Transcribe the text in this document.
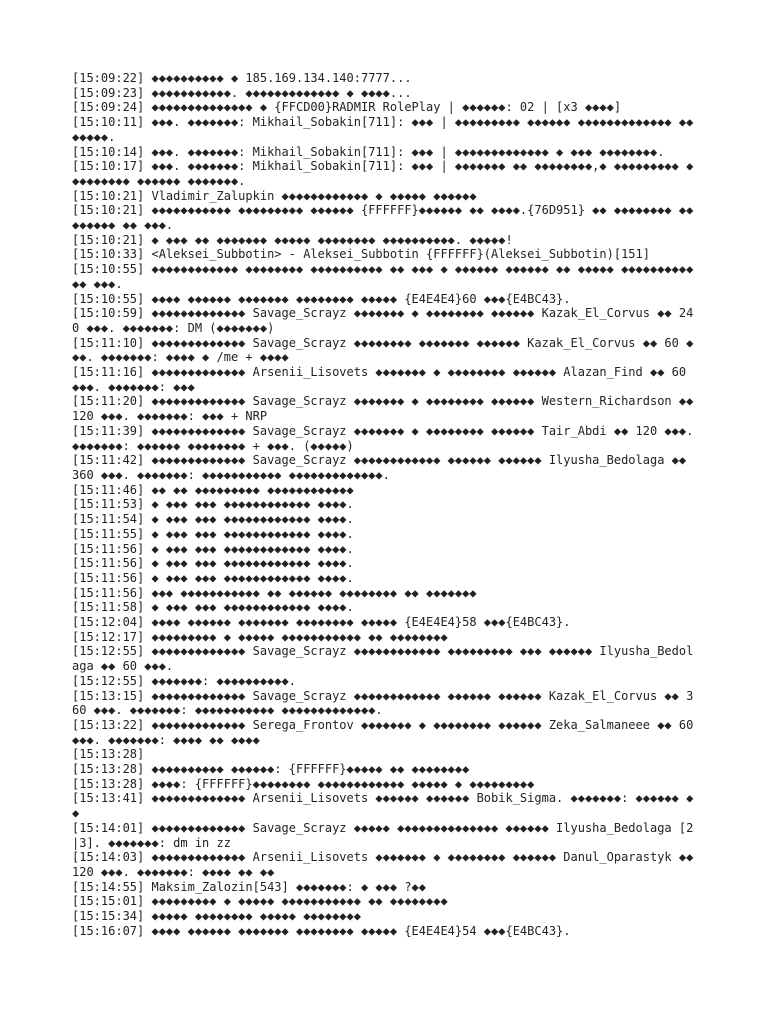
[15:09:22] ◆◆◆◆◆◆◆◆◆◆ ◆ 185.169.134.140:7777...
[15:09:23] ◆◆◆◆◆◆◆◆◆◆◆. ◆◆◆◆◆◆◆◆◆◆◆◆◆ ◆ ◆◆◆◆...
[15:09:24] ◆◆◆◆◆◆◆◆◆◆◆◆◆◆ ◆ {FFCD00}RADMIR RolePlay | ◆◆◆◆◆◆: 02 | [x3 ◆◆◆◆]
[15:10:11] ◆◆◆. ◆◆◆◆◆◆◆: Mikhail_Sobakin[711]: ◆◆◆ | ◆◆◆◆◆◆◆◆◆ ◆◆◆◆◆◆ ◆◆◆◆◆◆◆◆◆◆◆◆◆ ◆◆◆◆◆◆◆.
[15:10:14] ◆◆◆. ◆◆◆◆◆◆◆: Mikhail_Sobakin[711]: ◆◆◆ | ◆◆◆◆◆◆◆◆◆◆◆◆◆ ◆ ◆◆◆ ◆◆◆◆◆◆◆◆.
[15:10:17] ◆◆◆. ◆◆◆◆◆◆◆: Mikhail_Sobakin[711]: ◆◆◆ | ◆◆◆◆◆◆◆ ◆◆ ◆◆◆◆◆◆◆◆,◆ ◆◆◆◆◆◆◆◆◆ ◆◆◆◆◆◆◆◆◆ ◆◆◆◆◆◆ ◆◆◆◆◆◆◆.
[15:10:21] Vladimir_Zalupkin ◆◆◆◆◆◆◆◆◆◆◆◆ ◆ ◆◆◆◆◆ ◆◆◆◆◆◆
[15:10:21] ◆◆◆◆◆◆◆◆◆◆◆ ◆◆◆◆◆◆◆◆◆ ◆◆◆◆◆◆ {FFFFFF}◆◆◆◆◆◆ ◆◆ ◆◆◆◆.{76D951} ◆◆ ◆◆◆◆◆◆◆◆ ◆◆◆◆◆◆◆◆ ◆◆ ◆◆◆.
[15:10:21] ◆ ◆◆◆ ◆◆ ◆◆◆◆◆◆◆ ◆◆◆◆◆ ◆◆◆◆◆◆◆◆ ◆◆◆◆◆◆◆◆◆◆. ◆◆◆◆◆!
[15:10:33] <Aleksei_Subbotin> - Aleksei_Subbotin {FFFFFF}(Aleksei_Subbotin)[151]
[15:10:55] ◆◆◆◆◆◆◆◆◆◆◆◆ ◆◆◆◆◆◆◆◆ ◆◆◆◆◆◆◆◆◆◆ ◆◆ ◆◆◆ ◆ ◆◆◆◆◆◆ ◆◆◆◆◆◆ ◆◆ ◆◆◆◆◆ ◆◆◆◆◆◆◆◆◆◆◆◆ ◆◆◆.
[15:10:55] ◆◆◆◆ ◆◆◆◆◆◆ ◆◆◆◆◆◆◆ ◆◆◆◆◆◆◆◆ ◆◆◆◆◆ {E4E4E4}60 ◆◆◆{E4BC43}.
[15:10:59] ◆◆◆◆◆◆◆◆◆◆◆◆◆ Savage_Scrayz ◆◆◆◆◆◆◆ ◆ ◆◆◆◆◆◆◆◆ ◆◆◆◆◆◆ Kazak_El_Corvus ◆◆ 240 ◆◆◆. ◆◆◆◆◆◆◆: DM (◆◆◆◆◆◆◆)
[15:11:10] ◆◆◆◆◆◆◆◆◆◆◆◆◆ Savage_Scrayz ◆◆◆◆◆◆◆◆ ◆◆◆◆◆◆◆ ◆◆◆◆◆◆ Kazak_El_Corvus ◆◆ 60 ◆◆◆. ◆◆◆◆◆◆◆: ◆◆◆◆ ◆ /me + ◆◆◆◆
[15:11:16] ◆◆◆◆◆◆◆◆◆◆◆◆◆ Arsenii_Lisovets ◆◆◆◆◆◆◆ ◆ ◆◆◆◆◆◆◆◆ ◆◆◆◆◆◆ Alazan_Find ◆◆ 60 ◆◆◆. ◆◆◆◆◆◆◆: ◆◆◆
[15:11:20] ◆◆◆◆◆◆◆◆◆◆◆◆◆ Savage_Scrayz ◆◆◆◆◆◆◆ ◆ ◆◆◆◆◆◆◆◆ ◆◆◆◆◆◆ Western_Richardson ◆◆ 120 ◆◆◆. ◆◆◆◆◆◆◆: ◆◆◆ + NRP
[15:11:39] ◆◆◆◆◆◆◆◆◆◆◆◆◆ Savage_Scrayz ◆◆◆◆◆◆◆ ◆ ◆◆◆◆◆◆◆◆ ◆◆◆◆◆◆ Tair_Abdi ◆◆ 120 ◆◆◆. ◆◆◆◆◆◆◆: ◆◆◆◆◆◆ ◆◆◆◆◆◆◆◆ + ◆◆◆. (◆◆◆◆◆)
[15:11:42] ◆◆◆◆◆◆◆◆◆◆◆◆◆ Savage_Scrayz ◆◆◆◆◆◆◆◆◆◆◆◆ ◆◆◆◆◆◆ ◆◆◆◆◆◆ Ilyusha_Bedolaga ◆◆ 360 ◆◆◆. ◆◆◆◆◆◆◆: ◆◆◆◆◆◆◆◆◆◆◆ ◆◆◆◆◆◆◆◆◆◆◆◆◆.
[15:11:46] ◆◆ ◆◆ ◆◆◆◆◆◆◆◆◆ ◆◆◆◆◆◆◆◆◆◆◆◆
[15:11:53] ◆ ◆◆◆ ◆◆◆ ◆◆◆◆◆◆◆◆◆◆◆◆ ◆◆◆◆.
[15:11:54] ◆ ◆◆◆ ◆◆◆ ◆◆◆◆◆◆◆◆◆◆◆◆ ◆◆◆◆.
[15:11:55] ◆ ◆◆◆ ◆◆◆ ◆◆◆◆◆◆◆◆◆◆◆◆ ◆◆◆◆.
[15:11:56] ◆ ◆◆◆ ◆◆◆ ◆◆◆◆◆◆◆◆◆◆◆◆ ◆◆◆◆.
[15:11:56] ◆ ◆◆◆ ◆◆◆ ◆◆◆◆◆◆◆◆◆◆◆◆ ◆◆◆◆.
[15:11:56] ◆ ◆◆◆ ◆◆◆ ◆◆◆◆◆◆◆◆◆◆◆◆ ◆◆◆◆.
[15:11:56] ◆◆◆ ◆◆◆◆◆◆◆◆◆◆◆ ◆◆ ◆◆◆◆◆◆ ◆◆◆◆◆◆◆◆ ◆◆ ◆◆◆◆◆◆◆
[15:11:58] ◆ ◆◆◆ ◆◆◆ ◆◆◆◆◆◆◆◆◆◆◆◆ ◆◆◆◆.
[15:12:04] ◆◆◆◆ ◆◆◆◆◆◆ ◆◆◆◆◆◆◆ ◆◆◆◆◆◆◆◆ ◆◆◆◆◆ {E4E4E4}58 ◆◆◆{E4BC43}.
[15:12:17] ◆◆◆◆◆◆◆◆◆ ◆ ◆◆◆◆◆ ◆◆◆◆◆◆◆◆◆◆◆ ◆◆ ◆◆◆◆◆◆◆◆
[15:12:55] ◆◆◆◆◆◆◆◆◆◆◆◆◆ Savage_Scrayz ◆◆◆◆◆◆◆◆◆◆◆◆ ◆◆◆◆◆◆◆◆◆ ◆◆◆ ◆◆◆◆◆◆ Ilyusha_Bedolaga ◆◆ 60 ◆◆◆.
[15:12:55] ◆◆◆◆◆◆◆: ◆◆◆◆◆◆◆◆◆◆.
[15:13:15] ◆◆◆◆◆◆◆◆◆◆◆◆◆ Savage_Scrayz ◆◆◆◆◆◆◆◆◆◆◆◆ ◆◆◆◆◆◆ ◆◆◆◆◆◆ Kazak_El_Corvus ◆◆ 360 ◆◆◆. ◆◆◆◆◆◆◆: ◆◆◆◆◆◆◆◆◆◆◆ ◆◆◆◆◆◆◆◆◆◆◆◆◆.
[15:13:22] ◆◆◆◆◆◆◆◆◆◆◆◆◆ Serega_Frontov ◆◆◆◆◆◆◆ ◆ ◆◆◆◆◆◆◆◆ ◆◆◆◆◆◆ Zeka_Salmaneee ◆◆ 60 ◆◆◆. ◆◆◆◆◆◆◆: ◆◆◆◆ ◆◆ ◆◆◆◆
[15:13:28]
[15:13:28] ◆◆◆◆◆◆◆◆◆◆ ◆◆◆◆◆◆: {FFFFFF}◆◆◆◆◆ ◆◆ ◆◆◆◆◆◆◆◆
[15:13:28] ◆◆◆◆: {FFFFFF}◆◆◆◆◆◆◆◆ ◆◆◆◆◆◆◆◆◆◆◆◆ ◆◆◆◆◆ ◆ ◆◆◆◆◆◆◆◆◆
[15:13:41] ◆◆◆◆◆◆◆◆◆◆◆◆◆ Arsenii_Lisovets ◆◆◆◆◆◆ ◆◆◆◆◆◆ Bobik_Sigma. ◆◆◆◆◆◆◆: ◆◆◆◆◆◆ ◆◆
[15:14:01] ◆◆◆◆◆◆◆◆◆◆◆◆◆ Savage_Scrayz ◆◆◆◆◆ ◆◆◆◆◆◆◆◆◆◆◆◆◆◆ ◆◆◆◆◆◆ Ilyusha_Bedolaga [2|3]. ◆◆◆◆◆◆◆: dm in zz
[15:14:03] ◆◆◆◆◆◆◆◆◆◆◆◆◆ Arsenii_Lisovets ◆◆◆◆◆◆◆ ◆ ◆◆◆◆◆◆◆◆ ◆◆◆◆◆◆ Danul_Oparastyk ◆◆ 120 ◆◆◆. ◆◆◆◆◆◆◆: ◆◆◆◆ ◆◆ ◆◆
[15:14:55] Maksim_Zalozin[543] ◆◆◆◆◆◆◆: ◆ ◆◆◆ ?◆◆
[15:15:01] ◆◆◆◆◆◆◆◆◆ ◆ ◆◆◆◆◆ ◆◆◆◆◆◆◆◆◆◆◆ ◆◆ ◆◆◆◆◆◆◆◆
[15:15:34] ◆◆◆◆◆ ◆◆◆◆◆◆◆◆ ◆◆◆◆◆ ◆◆◆◆◆◆◆◆
[15:16:07] ◆◆◆◆ ◆◆◆◆◆◆ ◆◆◆◆◆◆◆ ◆◆◆◆◆◆◆◆ ◆◆◆◆◆ {E4E4E4}54 ◆◆◆{E4BC43}.
